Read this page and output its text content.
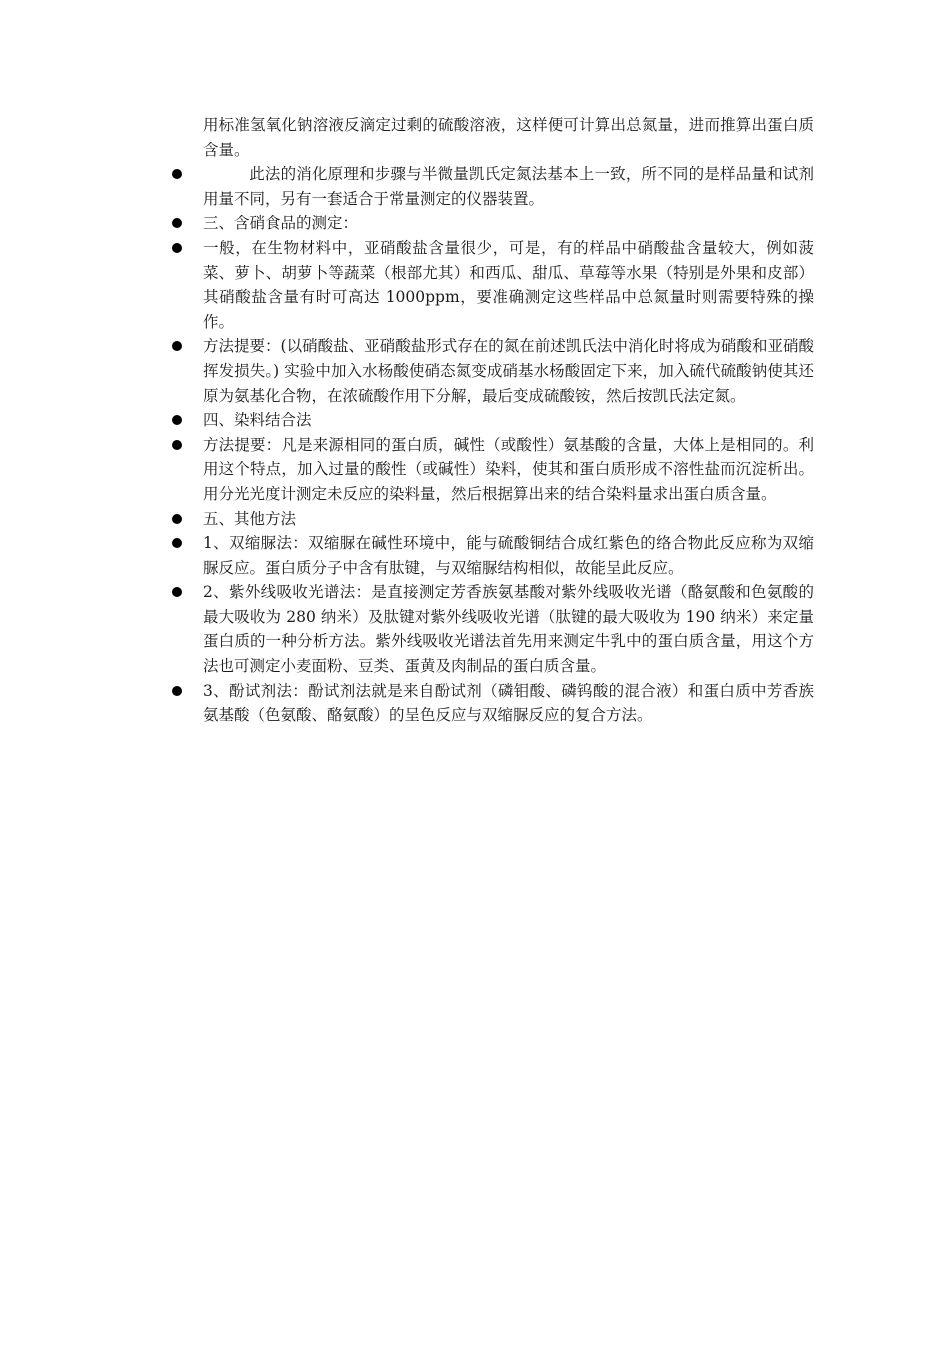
用标准氢氧化钠溶液反滴定过剩的硫酸溶液，这样便可计算出总氮量，进而推算出蛋白质含量。

此法的消化原理和步骤与半微量凯氏定氮法基本上一致，所不同的是样品量和试剂用量不同，另有一套适合于常量测定的仪器装置。
三、含硝食品的测定：
一般，在生物材料中，亚硝酸盐含量很少，可是，有的样品中硝酸盐含量较大，例如菠菜、萝卜、胡萝卜等蔬菜（根部尤其）和西瓜、甜瓜、草莓等水果（特别是外果和皮部）其硝酸盐含量有时可高达 1000ppm，要准确测定这些样品中总氮量时则需要特殊的操作。
方法提要：(以硝酸盐、亚硝酸盐形式存在的氮在前述凯氏法中消化时将成为硝酸和亚硝酸挥发损失。) 实验中加入水杨酸使硝态氮变成硝基水杨酸固定下来，加入硫代硫酸钠使其还原为氨基化合物，在浓硫酸作用下分解，最后变成硫酸铵，然后按凯氏法定氮。
四、染料结合法
方法提要：凡是来源相同的蛋白质，碱性（或酸性）氨基酸的含量，大体上是相同的。利用这个特点，加入过量的酸性（或碱性）染料，使其和蛋白质形成不溶性盐而沉淀析出。用分光光度计测定未反应的染料量，然后根据算出来的结合染料量求出蛋白质含量。
五、其他方法
1、双缩脲法：双缩脲在碱性环境中，能与硫酸铜结合成红紫色的络合物此反应称为双缩脲反应。蛋白质分子中含有肽键，与双缩脲结构相似，故能呈此反应。
2、紫外线吸收光谱法：是直接测定芳香族氨基酸对紫外线吸收光谱（酪氨酸和色氨酸的最大吸收为 280 纳米）及肽键对紫外线吸收光谱（肽键的最大吸收为 190 纳米）来定量蛋白质的一种分析方法。紫外线吸收光谱法首先用来测定牛乳中的蛋白质含量，用这个方法也可测定小麦面粉、豆类、蛋黄及肉制品的蛋白质含量。
3、酚试剂法：酚试剂法就是来自酚试剂（磷钼酸、磷钨酸的混合液）和蛋白质中芳香族氨基酸（色氨酸、酪氨酸）的呈色反应与双缩脲反应的复合方法。
